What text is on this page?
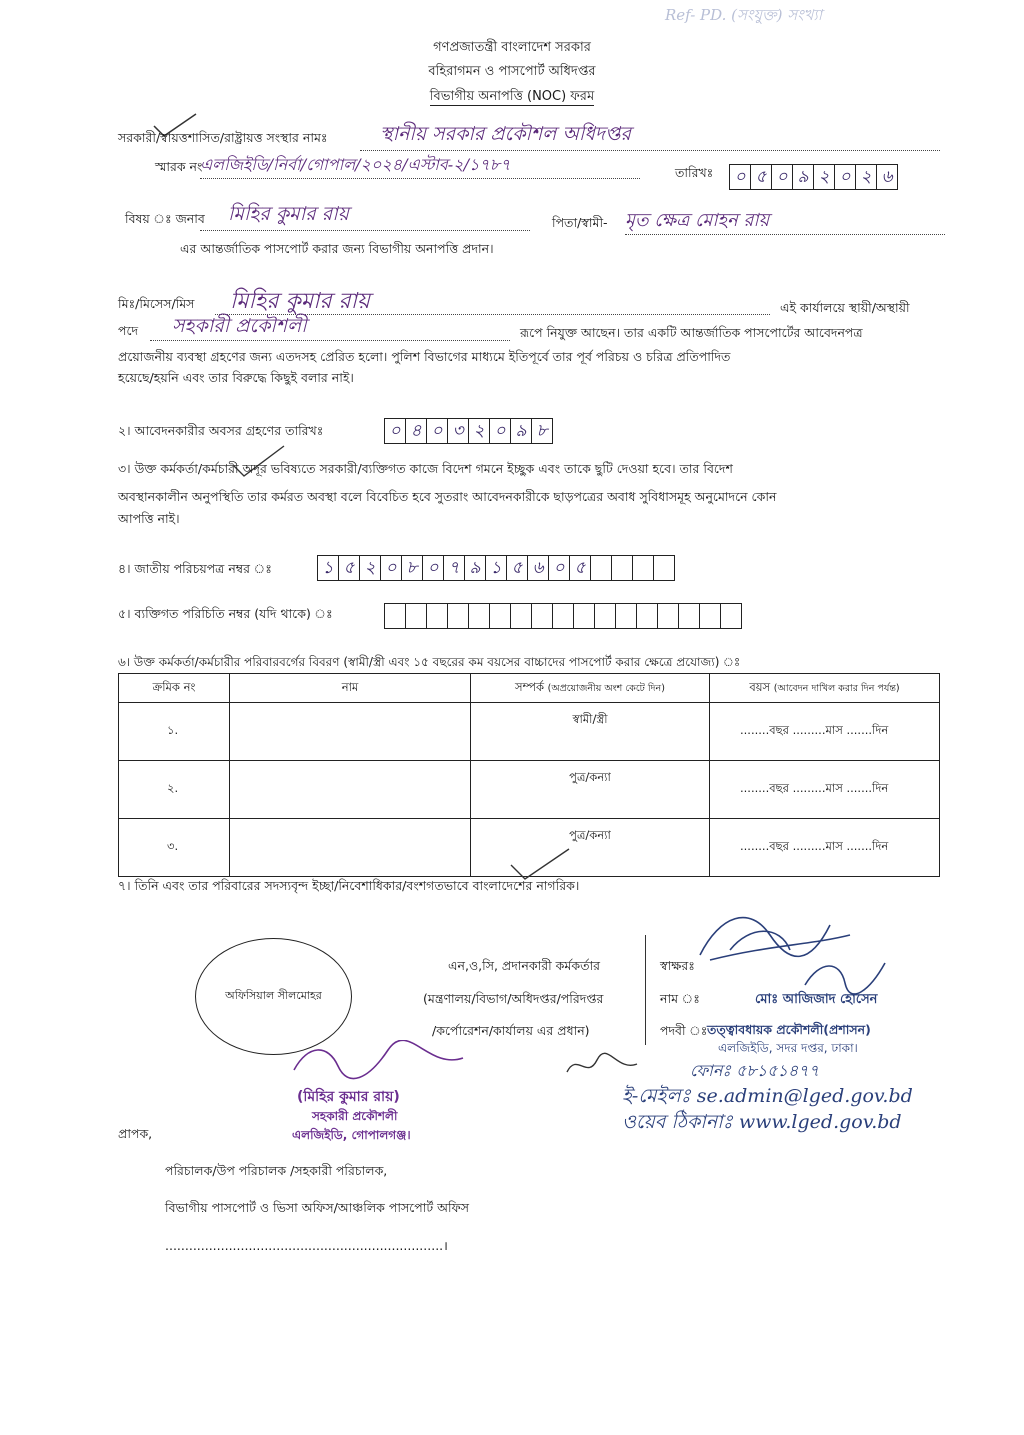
Ref- PD. (সংযুক্ত) সংখ্যা
গণপ্রজাতন্ত্রী বাংলাদেশ সরকার
বহিরাগমন ও পাসপোর্ট অধিদপ্তর
বিভাগীয় অনাপত্তি (NOC) ফরম
সরকারী/স্বায়ত্তশাসিত/রাষ্ট্রায়ত্ত সংস্থার নামঃ	স্থানীয় সরকার প্রকৌশল অধিদপ্তর
স্মারক নং
এলজিইডি/নির্বা/গোপাল/২০২৪/এস্টাব-২/১৭৮৭	তারিখঃ	০ ৫ ০ ৯ ২ ০ ২ ৬
বিষয় ঃ জনাব মিহির কুমার রায়	পিতা/স্বামী- মৃত ক্ষেত্র মোহন রায়
এর আন্তর্জাতিক পাসপোর্ট করার জন্য বিভাগীয় অনাপত্তি প্রদান।
মিঃ/মিসেস/মিস মিহির কুমার রায়	এই কার্যালয়ে স্থায়ী/অস্থায়ী
পদে সহকারী প্রকৌশলী	রূপে নিযুক্ত আছেন। তার একটি আন্তর্জাতিক পাসপোর্টের আবেদনপত্র
প্রয়োজনীয় ব্যবস্থা গ্রহণের জন্য এতদসহ প্রেরিত হলো। পুলিশ বিভাগের মাধ্যমে ইতিপূর্বে তার পূর্ব পরিচয় ও চরিত্র প্রতিপাদিত
হয়েছে/হয়নি এবং তার বিরুদ্ধে কিছুই বলার নাই।
২। আবেদনকারীর অবসর গ্রহণের তারিখঃ	০ ৪ ০ ৩ ২ ০ ৯ ৮
৩। উক্ত কর্মকর্তা/কর্মচারী অদূর ভবিষ্যতে সরকারী/ব্যক্তিগত কাজে বিদেশ গমনে ইচ্ছুক এবং তাকে ছুটি দেওয়া হবে। তার বিদেশ
অবস্থানকালীন অনুপস্থিতি তার কর্মরত অবস্থা বলে বিবেচিত হবে সুতরাং আবেদনকারীকে ছাড়পত্রের অবাধ সুবিধাসমূহ অনুমোদনে কোন
আপত্তি নাই।
৪। জাতীয় পরিচয়পত্র নম্বর ঃ	১ ৫ ২ ০ ৮ ০ ৭ ৯ ১ ৫ ৬ ০ ৫
৫। ব্যক্তিগত পরিচিতি নম্বর (যদি থাকে) ঃ
৬। উক্ত কর্মকর্তা/কর্মচারীর পরিবারবর্গের বিবরণ (স্বামী/স্ত্রী এবং ১৫ বছরের কম বয়সের বাচ্চাদের পাসপোর্ট করার ক্ষেত্রে প্রযোজ্য) ঃ
ক্রমিক নং	নাম	সম্পর্ক (অপ্রয়োজনীয় অংশ কেটে দিন)	বয়স (আবেদন দাখিল করার দিন পর্যন্ত)
১.		স্বামী/স্ত্রী	........বছর .........মাস .......দিন
২.		পুত্র/কন্যা	........বছর .........মাস .......দিন
৩.		পুত্র/কন্যা	........বছর .........মাস .......দিন
৭। তিনি এবং তার পরিবারের সদস্যবৃন্দ ইচ্ছা/নিবেশাধিকার/বংশগতভাবে বাংলাদেশের নাগরিক।
অফিসিয়াল সীলমোহর
এন,ও,সি, প্রদানকারী কর্মকর্তার
(মন্ত্রণালয়/বিভাগ/অধিদপ্তর/পরিদপ্তর
/কর্পোরেশন/কার্যালয় এর প্রধান)
স্বাক্ষরঃ
নাম ঃ	মোঃ আজিজাদ হোসেন
পদবী ঃ তত্ত্বাবধায়ক প্রকৌশলী(প্রশাসন)
এলজিইডি, সদর দপ্তর, ঢাকা।
ফোনঃ ৫৮১৫১৪৭৭
ই-মেইলঃ se.admin@lged.gov.bd
ওয়েব ঠিকানাঃ www.lged.gov.bd
(মিহির কুমার রায়)
সহকারী প্রকৌশলী
এলজিইডি, গোপালগঞ্জ।
প্রাপক,
পরিচালক/উপ পরিচালক /সহকারী পরিচালক,
বিভাগীয় পাসপোর্ট ও ভিসা অফিস/আঞ্চলিক পাসপোর্ট অফিস
......................................................................।
